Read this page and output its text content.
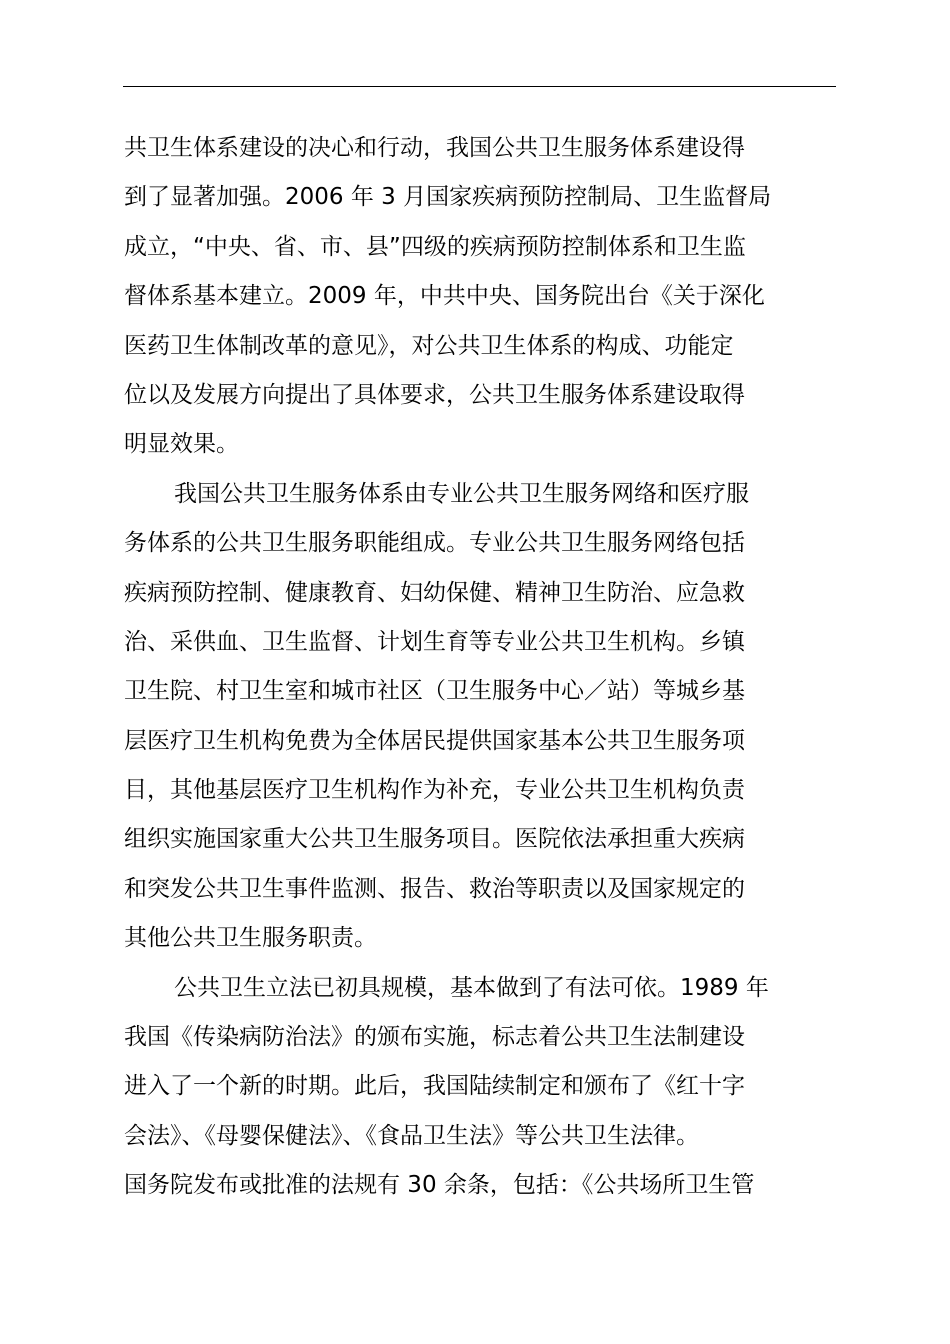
共卫生体系建设的决心和行动，我国公共卫生服务体系建设得
到了显著加强。2006 年 3 月国家疾病预防控制局、卫生监督局
成立，“中央、省、市、县”四级的疾病预防控制体系和卫生监
督体系基本建立。2009 年，中共中央、国务院出台《关于深化
医药卫生体制改革的意见》，对公共卫生体系的构成、功能定
位以及发展方向提出了具体要求，公共卫生服务体系建设取得
明显效果。
我国公共卫生服务体系由专业公共卫生服务网络和医疗服
务体系的公共卫生服务职能组成。专业公共卫生服务网络包括
疾病预防控制、健康教育、妇幼保健、精神卫生防治、应急救
治、采供血、卫生监督、计划生育等专业公共卫生机构。乡镇
卫生院、村卫生室和城市社区（卫生服务中心／站）等城乡基
层医疗卫生机构免费为全体居民提供国家基本公共卫生服务项
目，其他基层医疗卫生机构作为补充，专业公共卫生机构负责
组织实施国家重大公共卫生服务项目。医院依法承担重大疾病
和突发公共卫生事件监测、报告、救治等职责以及国家规定的
其他公共卫生服务职责。
公共卫生立法已初具规模，基本做到了有法可依。1989 年
我国《传染病防治法》的颁布实施，标志着公共卫生法制建设
进入了一个新的时期。此后，我国陆续制定和颁布了《红十字
会法》、《母婴保健法》、《食品卫生法》等公共卫生法律。
国务院发布或批准的法规有 30 余条，包括：《公共场所卫生管
